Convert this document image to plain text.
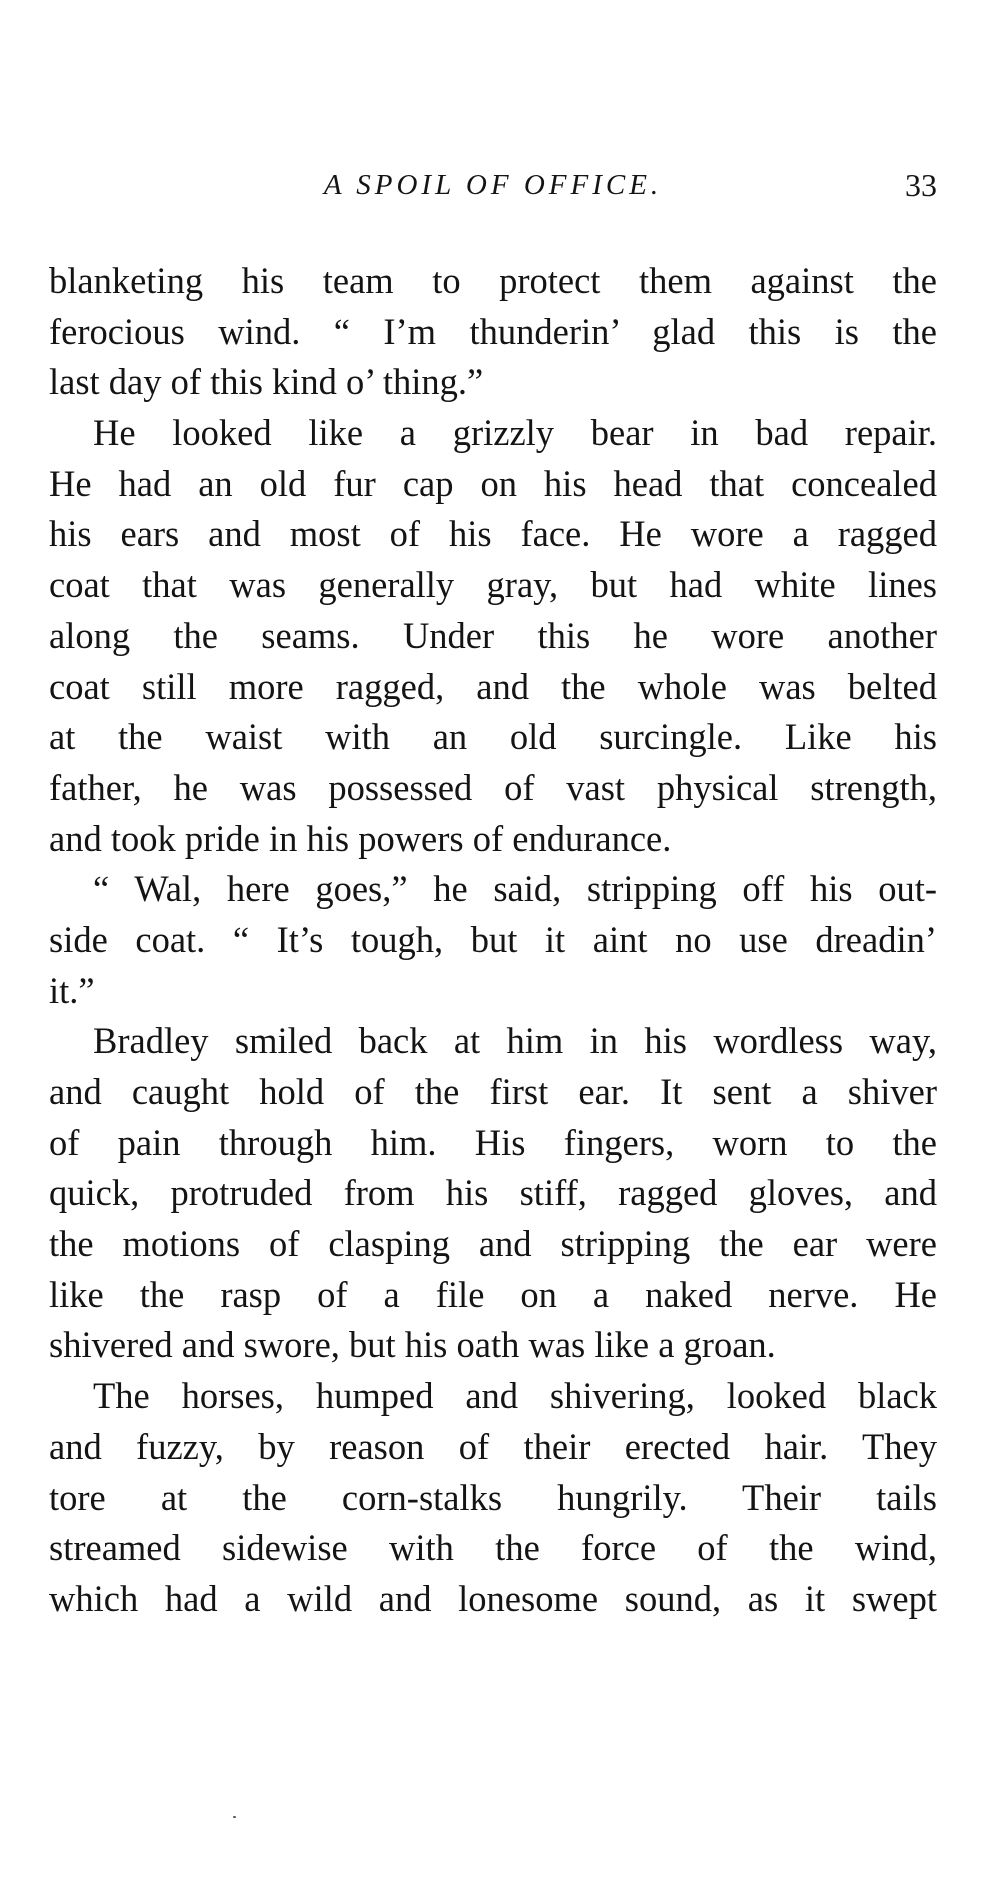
A SPOIL OF OFFICE.	33
blanketing his team to protect them against the
ferocious wind. “ I’m thunderin’ glad this is the
last day of this kind o’ thing.”
He looked like a grizzly bear in bad repair.
He had an old fur cap on his head that concealed
his ears and most of his face. He wore a ragged
coat that was generally gray, but had white lines
along the seams. Under this he wore another
coat still more ragged, and the whole was belted
at the waist with an old surcingle. Like his
father, he was possessed of vast physical strength,
and took pride in his powers of endurance.
“ Wal, here goes,” he said, stripping off his out-
side coat. “ It’s tough, but it aint no use dreadin’
it.”
Bradley smiled back at him in his wordless way,
and caught hold of the first ear. It sent a shiver
of pain through him. His fingers, worn to the
quick, protruded from his stiff, ragged gloves, and
the motions of clasping and stripping the ear were
like the rasp of a file on a naked nerve. He
shivered and swore, but his oath was like a groan.
The horses, humped and shivering, looked black
and fuzzy, by reason of their erected hair. They
tore at the corn-stalks hungrily. Their tails
streamed sidewise with the force of the wind,
which had a wild and lonesome sound, as it swept
